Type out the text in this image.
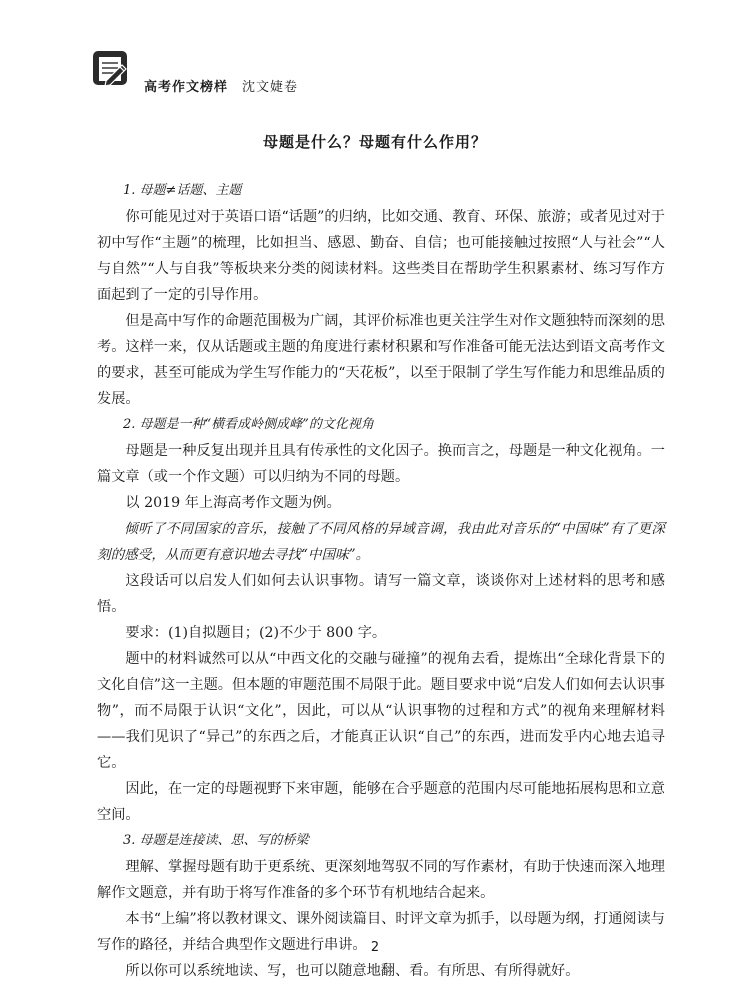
高考作文榜样 沈文婕卷
母题是什么？母题有什么作用？

1. 母题≠话题、主题

你可能见过对于英语口语“话题”的归纳，比如交通、教育、环保、旅游；或者见过对于初中写作“主题”的梳理，比如担当、感恩、勤奋、自信；也可能接触过按照“人与社会”“人与自然”“人与自我”等板块来分类的阅读材料。这些类目在帮助学生积累素材、练习写作方面起到了一定的引导作用。

但是高中写作的命题范围极为广阔，其评价标准也更关注学生对作文题独特而深刻的思考。这样一来，仅从话题或主题的角度进行素材积累和写作准备可能无法达到语文高考作文的要求，甚至可能成为学生写作能力的“天花板”，以至于限制了学生写作能力和思维品质的发展。

2. 母题是一种“横看成岭侧成峰”的文化视角

母题是一种反复出现并且具有传承性的文化因子。换而言之，母题是一种文化视角。一篇文章（或一个作文题）可以归纳为不同的母题。

以 2019 年上海高考作文题为例。

倾听了不同国家的音乐，接触了不同风格的异域音调，我由此对音乐的“中国味”有了更深刻的感受，从而更有意识地去寻找“中国味”。

这段话可以启发人们如何去认识事物。请写一篇文章，谈谈你对上述材料的思考和感悟。

要求：(1)自拟题目；(2)不少于 800 字。

题中的材料诚然可以从“中西文化的交融与碰撞”的视角去看，提炼出“全球化背景下的文化自信”这一主题。但本题的审题范围不局限于此。题目要求中说“启发人们如何去认识事物”，而不局限于认识“文化”，因此，可以从“认识事物的过程和方式”的视角来理解材料——我们见识了“异己”的东西之后，才能真正认识“自己”的东西，进而发乎内心地去追寻它。

因此，在一定的母题视野下来审题，能够在合乎题意的范围内尽可能地拓展构思和立意空间。

3. 母题是连接读、思、写的桥梁

理解、掌握母题有助于更系统、更深刻地驾驭不同的写作素材，有助于快速而深入地理解作文题意，并有助于将写作准备的多个环节有机地结合起来。

本书“上编”将以教材课文、课外阅读篇目、时评文章为抓手，以母题为纲，打通阅读与写作的路径，并结合典型作文题进行串讲。

所以你可以系统地读、写，也可以随意地翻、看。有所思、有所得就好。

2
